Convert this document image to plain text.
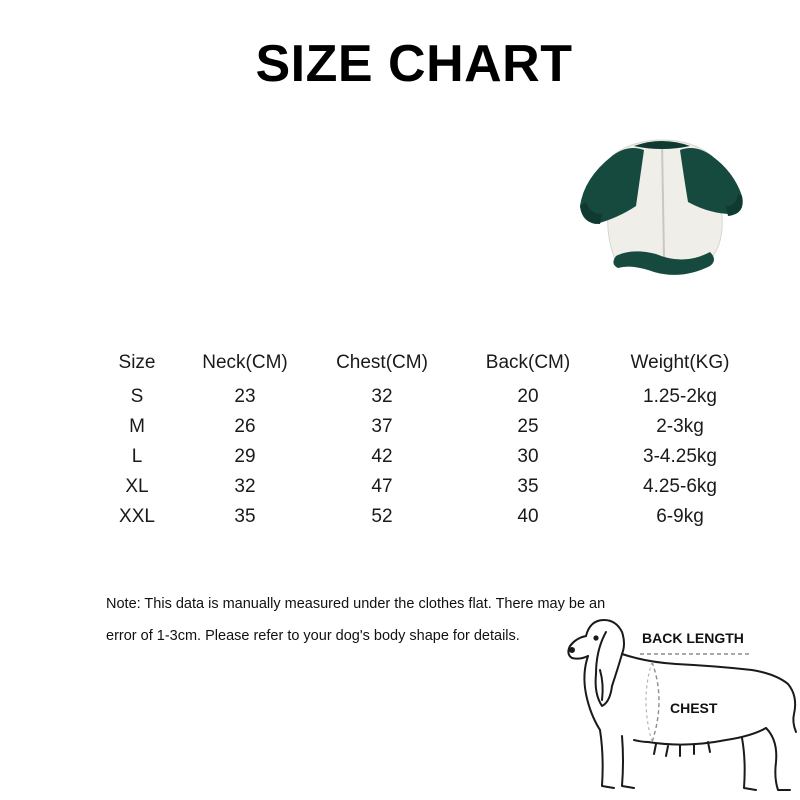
SIZE CHART
Size	Neck(CM)	Chest(CM)	Back(CM)	Weight(KG)
S	23	32	20	1.25-2kg
M	26	37	25	2-3kg
L	29	42	30	3-4.25kg
XL	32	47	35	4.25-6kg
XXL	35	52	40	6-9kg
Note: This data is manually measured under the clothes flat. There may be an
error of 1-3cm. Please refer to your dog's body shape for details.	BACK LENGTH
CHEST
